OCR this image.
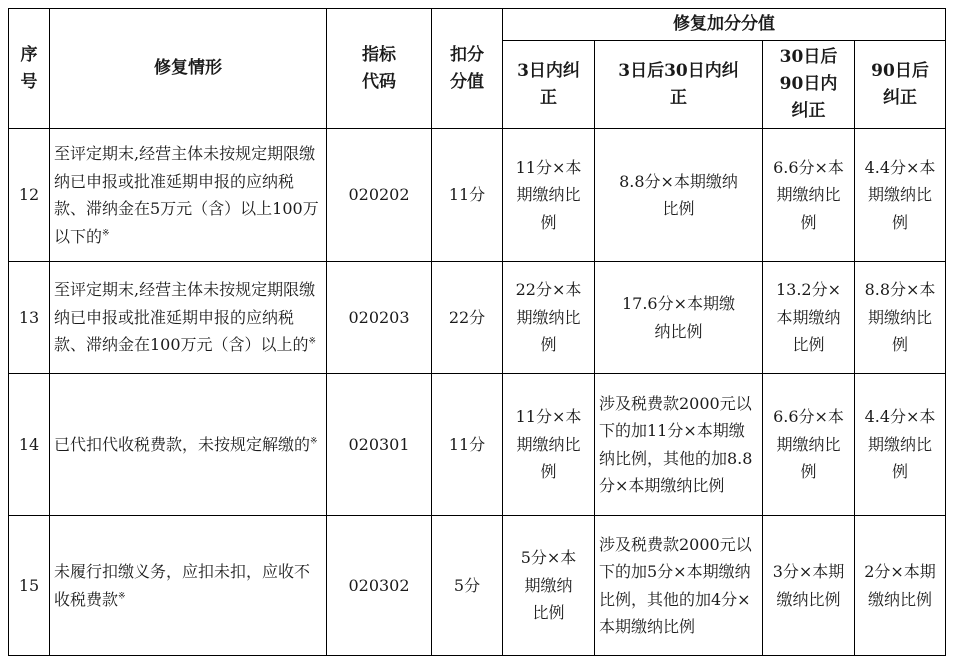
序号	修复情形	指标代码	扣分分值	修复加分分值			
				3日内纠正	3日后30日内纠正	30日后90日内纠正	90日后纠正
12	至评定期末,经营主体未按规定期限缴纳已申报或批准延期申报的应纳税款、滞纳金在5万元（含）以上100万以下的※	020202	11分	11分×本期缴纳比例	8.8分×本期缴纳比例	6.6分×本期缴纳比例	4.4分×本期缴纳比例
13	至评定期末,经营主体未按规定期限缴纳已申报或批准延期申报的应纳税款、滞纳金在100万元（含）以上的※	020203	22分	22分×本期缴纳比例	17.6分×本期缴纳比例	13.2分×本期缴纳比例	8.8分×本期缴纳比例
14	已代扣代收税费款，未按规定解缴的※	020301	11分	11分×本期缴纳比例	涉及税费款2000元以下的加11分×本期缴纳比例，其他的加8.8分×本期缴纳比例	6.6分×本期缴纳比例	4.4分×本期缴纳比例
15	未履行扣缴义务，应扣未扣，应收不收税费款※	020302	5分	5分×本期缴纳比例	涉及税费款2000元以下的加5分×本期缴纳比例，其他的加4分×本期缴纳比例	3分×本期缴纳比例	2分×本期缴纳比例
